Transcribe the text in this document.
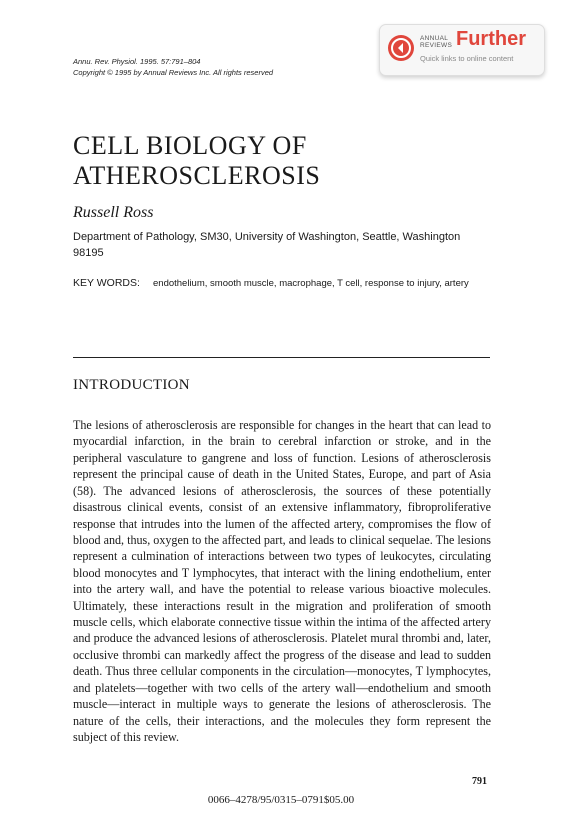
ANNUAL
REVIEWS Further
Quick links to online content
Annu. Rev. Physiol. 1995. 57:791–804
Copyright © 1995 by Annual Reviews Inc. All rights reserved
CELL BIOLOGY OF ATHEROSCLEROSIS
Russell Ross
Department of Pathology, SM30, University of Washington, Seattle, Washington 98195
KEY WORDS: endothelium, smooth muscle, macrophage, T cell, response to injury, artery
INTRODUCTION
The lesions of atherosclerosis are responsible for changes in the heart that can lead to myocardial infarction, in the brain to cerebral infarction or stroke, and in the peripheral vasculature to gangrene and loss of function. Lesions of atherosclerosis represent the principal cause of death in the United States, Europe, and part of Asia (58). The advanced lesions of atherosclerosis, the sources of these potentially disastrous clinical events, consist of an extensive inflammatory, fibroproliferative response that intrudes into the lumen of the affected artery, compromises the flow of blood and, thus, oxygen to the affected part, and leads to clinical sequelae. The lesions represent a culmination of interactions between two types of leukocytes, circulating blood monocytes and T lymphocytes, that interact with the lining endothelium, enter into the artery wall, and have the potential to release various bioactive molecules. Ultimately, these interactions result in the migration and proliferation of smooth muscle cells, which elaborate connective tissue within the intima of the affected artery and produce the advanced lesions of atherosclerosis. Platelet mural thrombi and, later, occlusive thrombi can markedly affect the progress of the disease and lead to sudden death. Thus three cellular components in the circulation—monocytes, T lymphocytes, and platelets—together with two cells of the artery wall—endothelium and smooth muscle—interact in multiple ways to generate the lesions of atherosclerosis. The nature of the cells, their interactions, and the molecules they form represent the subject of this review.
791
0066–4278/95/0315–0791$05.00
